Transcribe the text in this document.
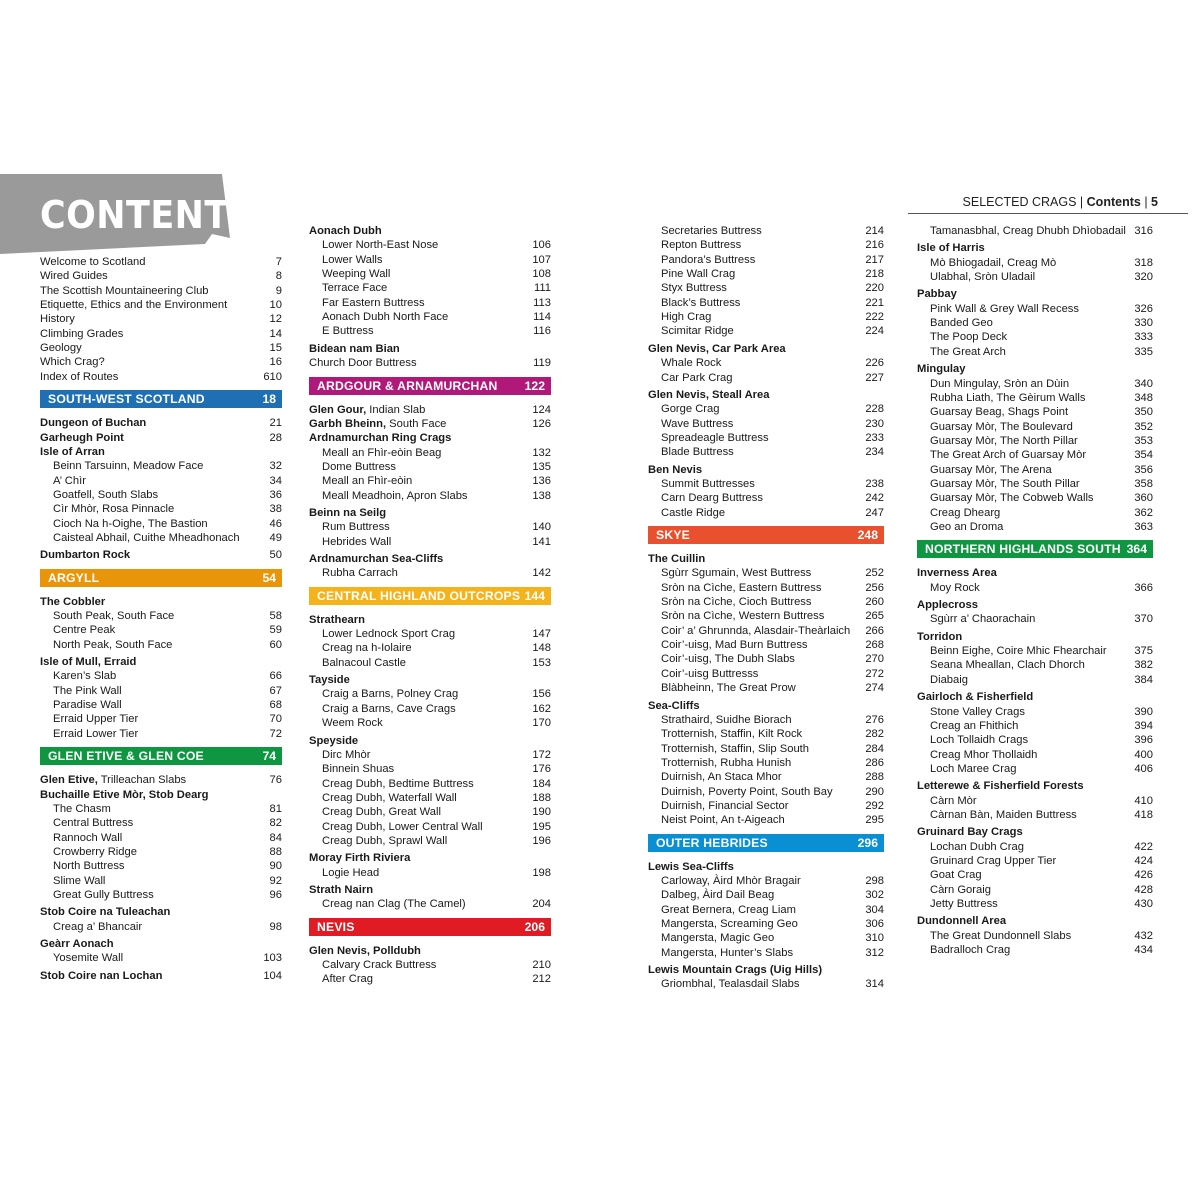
CONTENTS	SELECTED CRAGS | Contents | 5
Welcome to Scotland	7
Wired Guides	8
The Scottish Mountaineering Club	9
Etiquette, Ethics and the Environment	10
History	12
Climbing Grades	14
Geology	15
Which Crag?	16
Index of Routes	610
SOUTH-WEST SCOTLAND	18
Dungeon of Buchan	21
Garheugh Point	28
Isle of Arran
Beinn Tarsuinn, Meadow Face	32
A’ Chìr	34
Goatfell, South Slabs	36
Cìr Mhòr, Rosa Pinnacle	38
Cioch Na h-Oighe, The Bastion	46
Caisteal Abhail, Cuithe Mheadhonach	49
Dumbarton Rock	50
ARGYLL	54
The Cobbler
South Peak, South Face	58
Centre Peak	59
North Peak, South Face	60
Isle of Mull, Erraid
Karen’s Slab	66
The Pink Wall	67
Paradise Wall	68
Erraid Upper Tier	70
Erraid Lower Tier	72
GLEN ETIVE & GLEN COE	74
Glen Etive, Trilleachan Slabs	76
Buchaille Etive Mòr, Stob Dearg
The Chasm	81
Central Buttress	82
Rannoch Wall	84
Crowberry Ridge	88
North Buttress	90
Slime Wall	92
Great Gully Buttress	96
Stob Coire na Tuleachan
Creag a’ Bhancair	98
Geàrr Aonach
Yosemite Wall	103
Stob Coire nan Lochan	104
Aonach Dubh
Lower North-East Nose	106
Lower Walls	107
Weeping Wall	108
Terrace Face	111
Far Eastern Buttress	113
Aonach Dubh North Face	114
E Buttress	116
Bidean nam Bian
Church Door Buttress	119
ARDGOUR & ARNAMURCHAN 122
Glen Gour, Indian Slab	124
Garbh Bheinn, South Face	126
Ardnamurchan Ring Crags
Meall an Fhìr-eòin Beag	132
Dome Buttress	135
Meall an Fhìr-eòin	136
Meall Meadhoin, Apron Slabs	138
Beinn na Seilg
Rum Buttress	140
Hebrides Wall	141
Ardnamurchan Sea-Cliffs
Rubha Carrach	142
CENTRAL HIGHLAND OUTCROPS 144
Strathearn
Lower Lednock Sport Crag	147
Creag na h-Iolaire	148
Balnacoul Castle	153
Tayside
Craig a Barns, Polney Crag	156
Craig a Barns, Cave Crags	162
Weem Rock	170
Speyside
Dirc Mhòr	172
Binnein Shuas	176
Creag Dubh, Bedtime Buttress	184
Creag Dubh, Waterfall Wall	188
Creag Dubh, Great Wall	190
Creag Dubh, Lower Central Wall	195
Creag Dubh, Sprawl Wall	196
Moray Firth Riviera
Logie Head	198
Strath Nairn
Creag nan Clag (The Camel)	204
NEVIS	206
Glen Nevis, Polldubh
Calvary Crack Buttress	210
After Crag	212
Secretaries Buttress	214
Repton Buttress	216
Pandora’s Buttress	217
Pine Wall Crag	218
Styx Buttress	220
Black’s Buttress	221
High Crag	222
Scimitar Ridge	224
Glen Nevis, Car Park Area
Whale Rock	226
Car Park Crag	227
Glen Nevis, Steall Area
Gorge Crag	228
Wave Buttress	230
Spreadeagle Buttress	233
Blade Buttress	234
Ben Nevis
Summit Buttresses	238
Carn Dearg Buttress	242
Castle Ridge	247
SKYE	248
The Cuillin
Sgùrr Sgumain, West Buttress	252
Sròn na Cìche, Eastern Buttress	256
Sròn na Cìche, Cioch Buttress	260
Sròn na Cìche, Western Buttress	265
Coir’ a’ Ghrunnda, Alasdair-Theàrlaich 266
Coir’-uisg, Mad Burn Buttress	268
Coir’-uisg, The Dubh Slabs	270
Coir’-uisg Buttresss	272
Blàbheinn, The Great Prow	274
Sea-Cliffs
Strathaird, Suidhe Biorach	276
Trotternish, Staffin, Kilt Rock	282
Trotternish, Staffin, Slip South	284
Trotternish, Rubha Hunish	286
Duirnish, An Staca Mhor	288
Duirnish, Poverty Point, South Bay	290
Duirnish, Financial Sector	292
Neist Point, An t-Aigeach	295
OUTER HEBRIDES	296
Lewis Sea-Cliffs
Carloway, Àird Mhòr Bragair	298
Dalbeg, Àird Dail Beag	302
Great Bernera, Creag Liam	304
Mangersta, Screaming Geo	306
Mangersta, Magic Geo	310
Mangersta, Hunter’s Slabs	312
Lewis Mountain Crags (Uig Hills)
Griombhal, Tealasdail Slabs	314
Tamanasbhal, Creag Dhubh Dhìobadail 316
Isle of Harris
Mò Bhiogadail, Creag Mò	318
Ulabhal, Sròn Uladail	320
Pabbay
Pink Wall & Grey Wall Recess	326
Banded Geo	330
The Poop Deck	333
The Great Arch	335
Mingulay
Dun Mingulay, Sròn an Dùin	340
Rubha Liath, The Gèirum Walls	348
Guarsay Beag, Shags Point	350
Guarsay Mòr, The Boulevard	352
Guarsay Mòr, The North Pillar	353
The Great Arch of Guarsay Mòr	354
Guarsay Mòr, The Arena	356
Guarsay Mòr, The South Pillar	358
Guarsay Mòr, The Cobweb Walls	360
Creag Dhearg	362
Geo an Droma	363
NORTHERN HIGHLANDS SOUTH 364
Inverness Area
Moy Rock	366
Applecross
Sgùrr a’ Chaorachain	370
Torridon
Beinn Eighe, Coire Mhic Fhearchair 375
Seana Mheallan, Clach Dhorch	382
Diabaig	384
Gairloch & Fisherfield
Stone Valley Crags	390
Creag an Fhithich	394
Loch Tollaidh Crags	396
Creag Mhor Thollaidh	400
Loch Maree Crag	406
Letterewe & Fisherfield Forests
Càrn Mòr	410
Càrnan Bàn, Maiden Buttress	418
Gruinard Bay Crags
Lochan Dubh Crag	422
Gruinard Crag Upper Tier	424
Goat Crag	426
Càrn Goraig	428
Jetty Buttress	430
Dundonnell Area
The Great Dundonnell Slabs	432
Badralloch Crag	434
